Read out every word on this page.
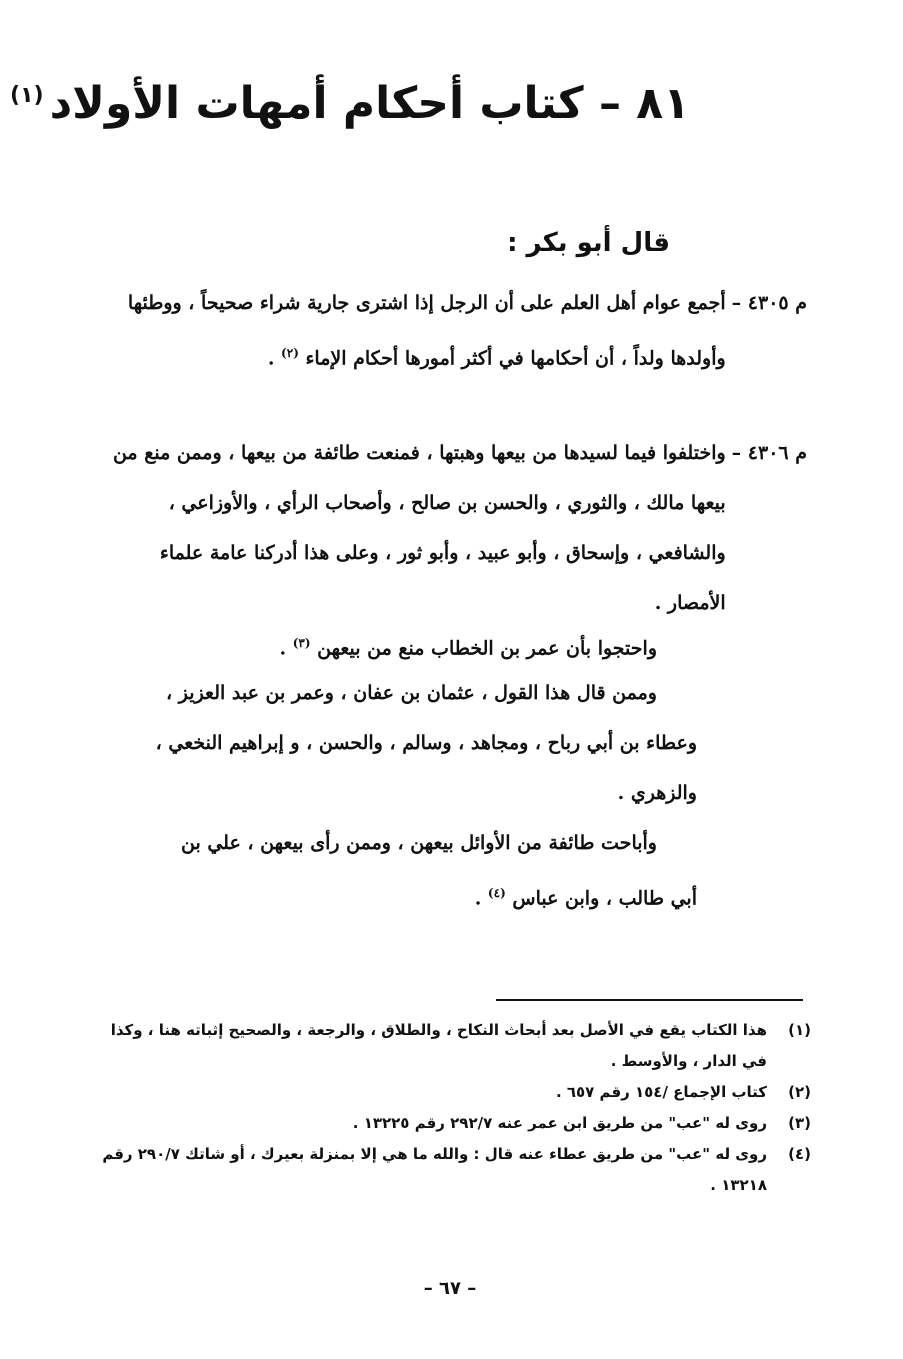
٨١ – كتاب أحكام أمهات الأولاد$^{(١)}$
قال أبو بكر :
م ٤٣٠٥ –
أجمع عوام أهل العلم على أن الرجل إذا اشترى جارية شراء صحيحاً ، ووطئها وأولدها ولداً ، أن أحكامها في أكثر أمورها أحكام الإماء $^{(٢)}$ .
م ٤٣٠٦ –
واختلفوا فيما لسيدها من بيعها وهبتها ، فمنعت طائفة من بيعها ، وممن منع من بيعها مالك ، والثوري ، والحسن بن صالح ، وأصحاب الرأي ، والأوزاعي ، والشافعي ، وإسحاق ، وأبو عبيد ، وأبو ثور ، وعلى هذا أدركنا عامة علماء الأمصار .
واحتجوا بأن عمر بن الخطاب منع من بيعهن $^{(٣)}$ .
وممن قال هذا القول ، عثمان بن عفان ، وعمر بن عبد العزيز ،
وعطاء بن أبي رباح ، ومجاهد ، وسالم ، والحسن ، و إبراهيم النخعي ، والزهري .
وأباحت طائفة من الأوائل بيعهن ، وممن رأى بيعهن ، علي بن
أبي طالب ، وابن عباس $^{(٤)}$ .
(١)
هذا الكتاب يقع في الأصل بعد أبحاث النكاح ، والطلاق ، والرجعة ، والصحيح إثباته هنا ، وكذا في الدار ، والأوسط .
(٢)
كتاب الإجماع /١٥٤ رقم ٦٥٧ .
(٣)
روى له "عب" من طريق ابن عمر عنه ٢٩٢/٧ رقم ١٣٢٢٥ .
(٤)
روى له "عب" من طريق عطاء عنه قال : والله ما هي إلا بمنزلة بعيرك ، أو شاتك ٢٩٠/٧ رقم ١٣٢١٨ .
– ٦٧ –
